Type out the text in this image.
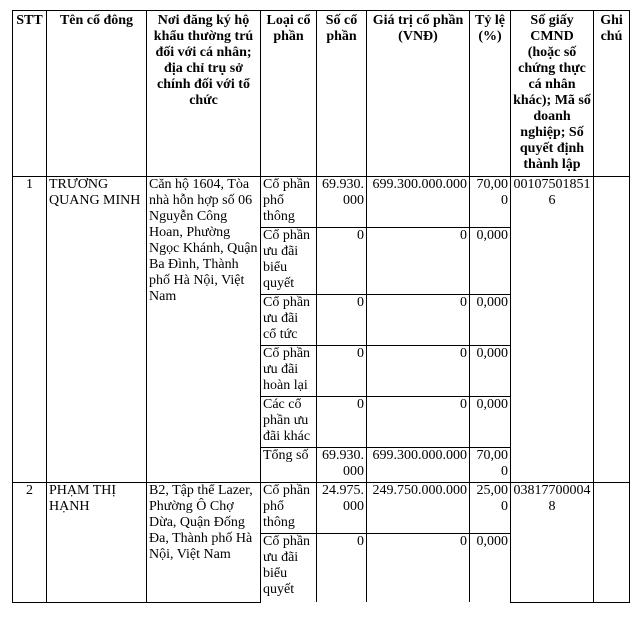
STT	Tên cổ đông	Nơi đăng ký hộ khẩu thường trú đối với cá nhân; địa chỉ trụ sở chính đối với tổ chức	Loại cổ phần	Số cổ phần	Giá trị cổ phần (VNĐ)	Tỷ lệ (%)	Số giấy CMND (hoặc số chứng thực cá nhân khác); Mã số doanh nghiệp; Số quyết định thành lập	Ghi chú
1	TRƯƠNG QUANG MINH	Căn hộ 1604, Tòa nhà hỗn hợp số 06 Nguyễn Công Hoan, Phường Ngọc Khánh, Quận Ba Đình, Thành phố Hà Nội, Việt Nam	Cổ phần phổ thông	69.930.000	699.300.000.000	70,000	001075018516	
			Cổ phần ưu đãi biểu quyết	0	0	0,000		
			Cổ phần ưu đãi cổ tức	0	0	0,000		
			Cổ phần ưu đãi hoàn lại	0	0	0,000		
			Các cổ phần ưu đãi khác	0	0	0,000		
			Tổng số	69.930.000	699.300.000.000	70,000		
2	PHẠM THỊ HẠNH	B2, Tập thể Lazer, Phường Ô Chợ Dừa, Quận Đống Đa, Thành phố Hà Nội, Việt Nam	Cổ phần phổ thông	24.975.000	249.750.000.000	25,000	038177000048	
			Cổ phần ưu đãi biểu quyết	0	0	0,000		
